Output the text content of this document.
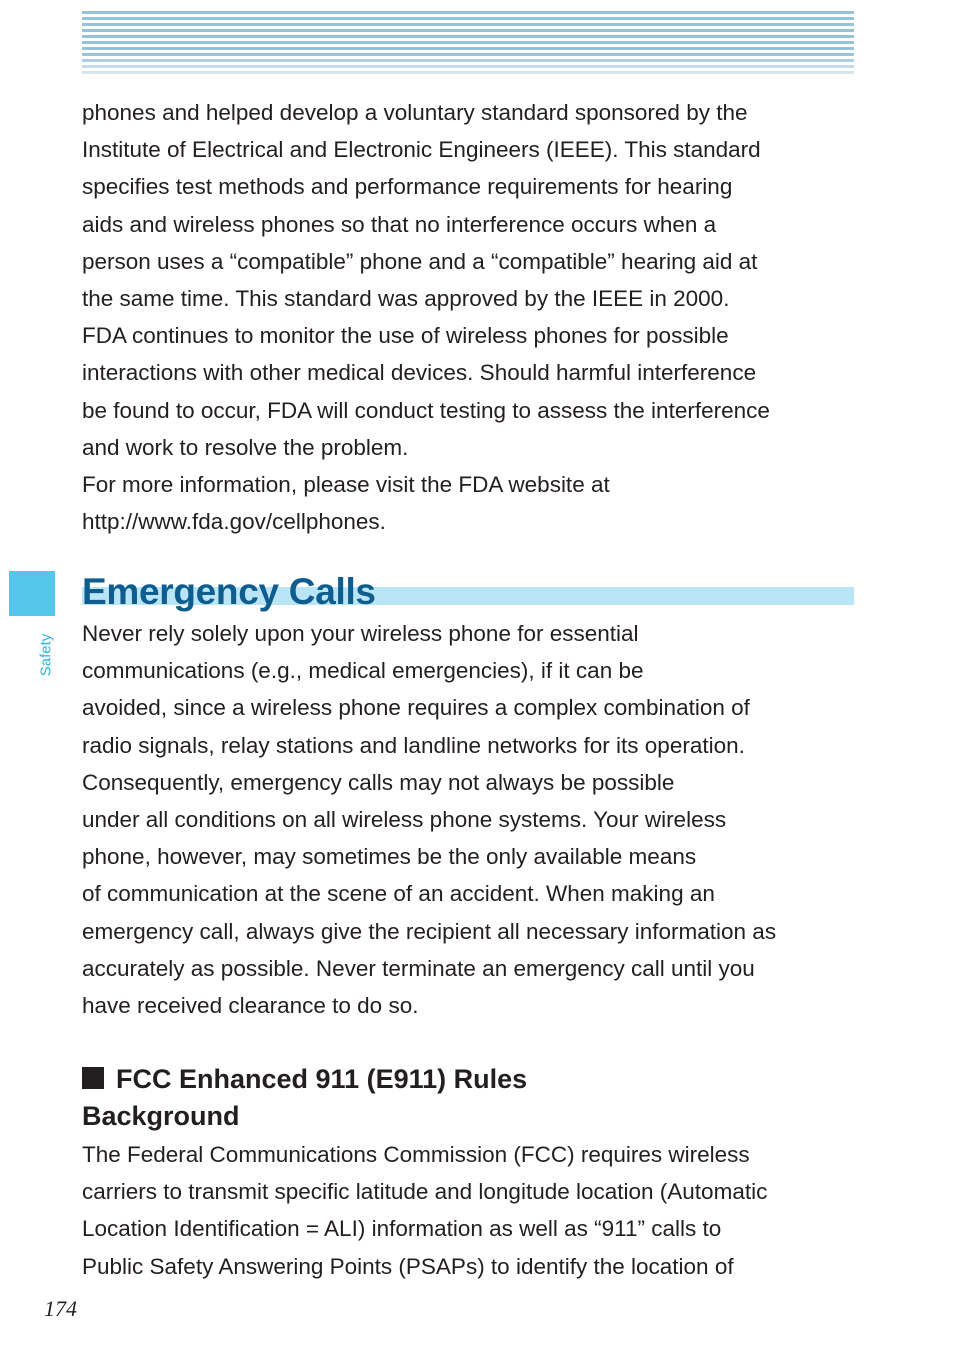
Safety

phones and helped develop a voluntary standard sponsored by the

Institute of Electrical and Electronic Engineers (IEEE). This standard

specifies test methods and performance requirements for hearing

aids and wireless phones so that no interference occurs when a

person uses a “compatible” phone and a “compatible” hearing aid at

the same time. This standard was approved by the IEEE in 2000.

FDA continues to monitor the use of wireless phones for possible

interactions with other medical devices. Should harmful interference

be found to occur, FDA will conduct testing to assess the interference

and work to resolve the problem.

For more information, please visit the FDA website at

http://www.fda.gov/cellphones.

Emergency Calls

Never rely solely upon your wireless phone for essential

communications (e.g., medical emergencies), if it can be

avoided, since a wireless phone requires a complex combination of

radio signals, relay stations and landline networks for its operation.

Consequently, emergency calls may not always be possible

under all conditions on all wireless phone systems. Your wireless

phone, however, may sometimes be the only available means

of communication at the scene of an accident. When making an

emergency call, always give the recipient all necessary information as

accurately as possible. Never terminate an emergency call until you

have received clearance to do so.

FCC Enhanced 911 (E911) Rules

Background

The Federal Communications Commission (FCC) requires wireless

carriers to transmit specific latitude and longitude location (Automatic

Location Identification = ALI) information as well as “911” calls to

Public Safety Answering Points (PSAPs) to identify the location of

174
